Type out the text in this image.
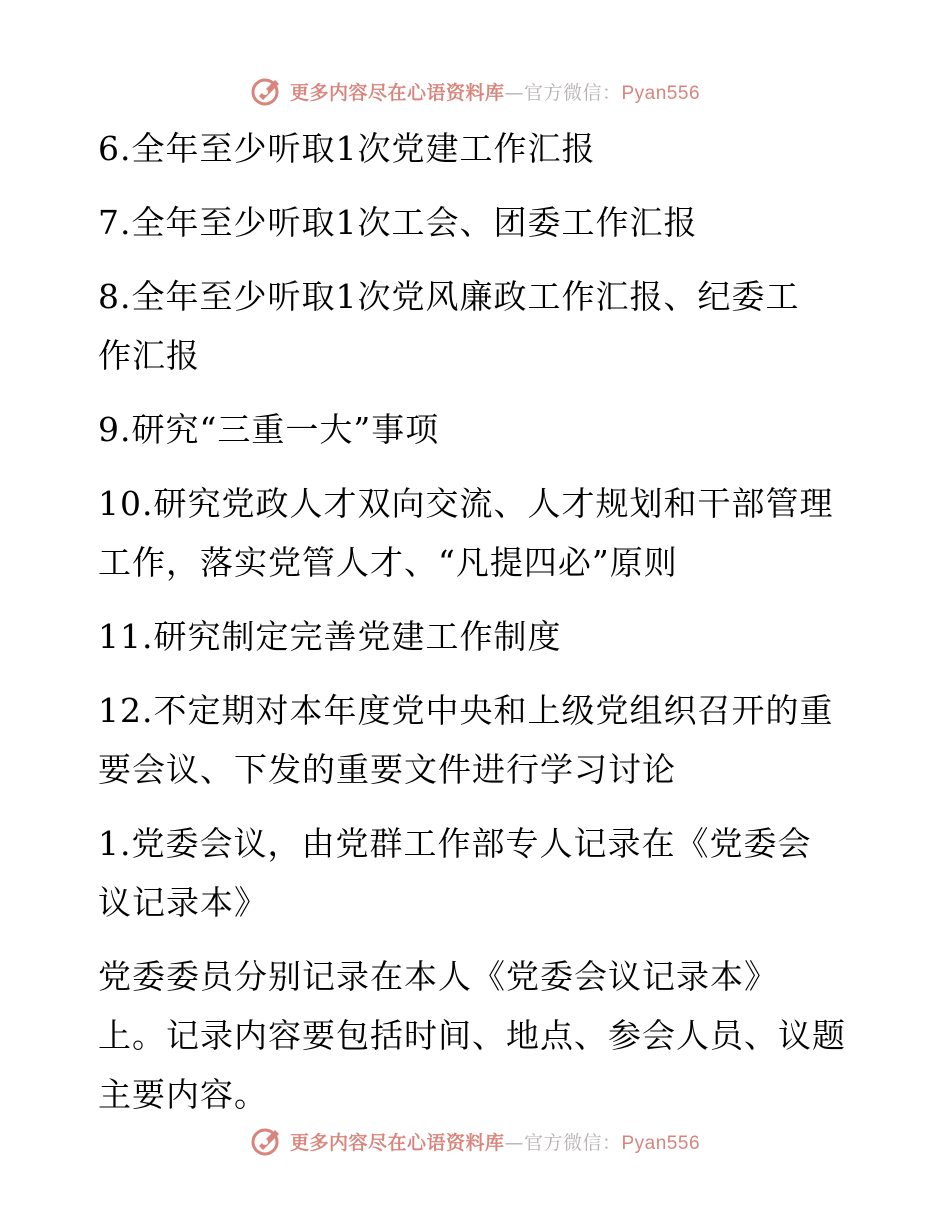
更多内容尽在心语资料库—官方微信：Pyan556

6.全年至少听取1次党建工作汇报

7.全年至少听取1次工会、团委工作汇报

8.全年至少听取1次党风廉政工作汇报、纪委工
作汇报

9.研究“三重一大”事项

10.研究党政人才双向交流、人才规划和干部管理
工作，落实党管人才、“凡提四必”原则

11.研究制定完善党建工作制度

12.不定期对本年度党中央和上级党组织召开的重
要会议、下发的重要文件进行学习讨论

1.党委会议，由党群工作部专人记录在《党委会
议记录本》

党委委员分别记录在本人《党委会议记录本》
上。记录内容要包括时间、地点、参会人员、议题
主要内容。

更多内容尽在心语资料库—官方微信：Pyan556
